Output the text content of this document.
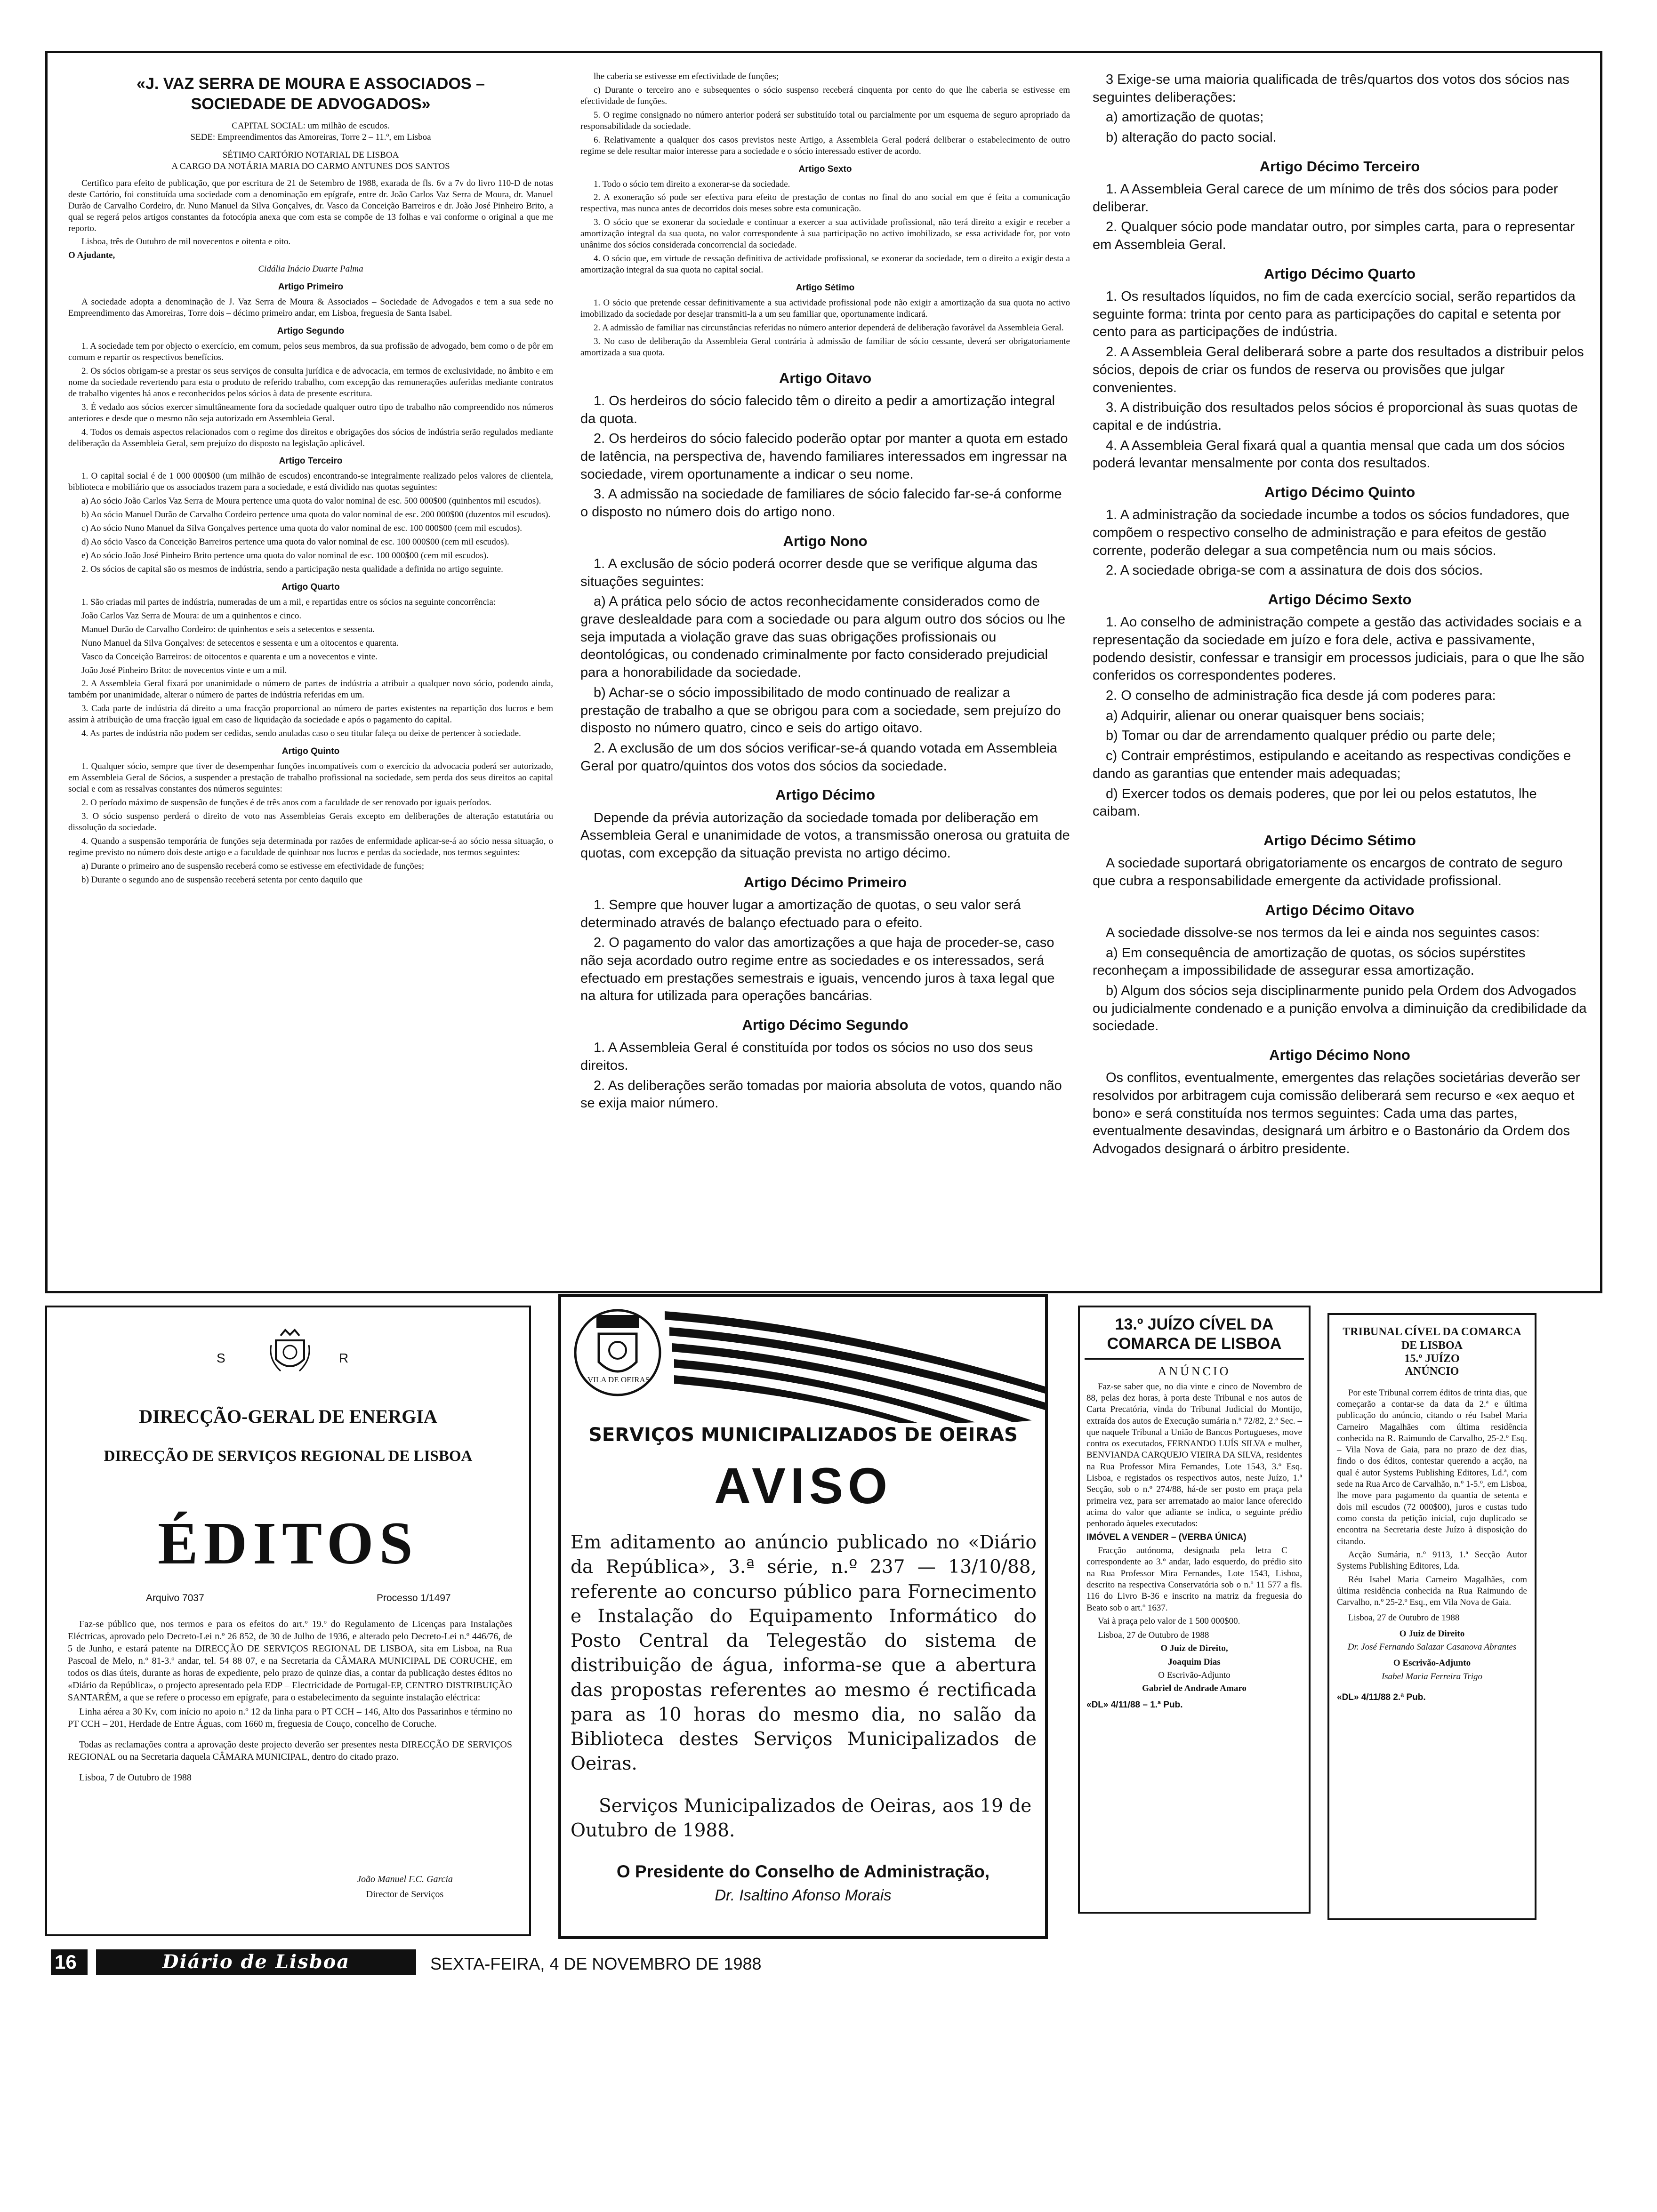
«J. VAZ SERRA DE MOURA E ASSOCIADOS – SOCIEDADE DE ADVOGADOS»
CAPITAL SOCIAL: um milhão de escudos.
SEDE: Empreendimentos das Amoreiras, Torre 2 – 11.º, em Lisboa
SÉTIMO CARTÓRIO NOTARIAL DE LISBOA
A CARGO DA NOTÁRIA MARIA DO CARMO ANTUNES DOS SANTOS

Certifico para efeito de publicação, que por escritura de 21 de Setembro de 1988, exarada de fls. 6v a 7v do livro 110-D de notas deste Cartório, foi constituída uma sociedade com a denominação em epígrafe, entre dr. João Carlos Vaz Serra de Moura, dr. Manuel Durão de Carvalho Cordeiro, dr. Nuno Manuel da Silva Gonçalves, dr. Vasco da Conceição Barreiros e dr. João José Pinheiro Brito, a qual se regerá pelos artigos constantes da fotocópia anexa que com esta se compõe de 13 folhas e vai conforme o original a que me reporto.

Lisboa, três de Outubro de mil novecentos e oitenta e oito.

O Ajudante,

Cidália Inácio Duarte Palma

Artigo Primeiro

A sociedade adopta a denominação de J. Vaz Serra de Moura & Associados – Sociedade de Advogados e tem a sua sede no Empreendimento das Amoreiras, Torre dois – décimo primeiro andar, em Lisboa, freguesia de Santa Isabel.

Artigo Segundo

1. A sociedade tem por objecto o exercício, em comum, pelos seus membros, da sua profissão de advogado, bem como o de pôr em comum e repartir os respectivos benefícios.

2. Os sócios obrigam-se a prestar os seus serviços de consulta jurídica e de advocacia, em termos de exclusividade, no âmbito e em nome da sociedade revertendo para esta o produto de referido trabalho, com excepção das remunerações auferidas mediante contratos de trabalho vigentes há anos e reconhecidos pelos sócios à data de presente escritura.

3. É vedado aos sócios exercer simultâneamente fora da sociedade qualquer outro tipo de trabalho não compreendido nos números anteriores e desde que o mesmo não seja autorizado em Assembleia Geral.

4. Todos os demais aspectos relacionados com o regime dos direitos e obrigações dos sócios de indústria serão regulados mediante deliberação da Assembleia Geral, sem prejuízo do disposto na legislação aplicável.

Artigo Terceiro

1. O capital social é de 1 000 000$00 (um milhão de escudos) encontrando-se integralmente realizado pelos valores de clientela, biblioteca e mobiliário que os associados trazem para a sociedade, e está dividido nas quotas seguintes:

a) Ao sócio João Carlos Vaz Serra de Moura pertence uma quota do valor nominal de esc. 500 000$00 (quinhentos mil escudos).

b) Ao sócio Manuel Durão de Carvalho Cordeiro pertence uma quota do valor nominal de esc. 200 000$00 (duzentos mil escudos).

c) Ao sócio Nuno Manuel da Silva Gonçalves pertence uma quota do valor nominal de esc. 100 000$00 (cem mil escudos).

d) Ao sócio Vasco da Conceição Barreiros pertence uma quota do valor nominal de esc. 100 000$00 (cem mil escudos).

e) Ao sócio João José Pinheiro Brito pertence uma quota do valor nominal de esc. 100 000$00 (cem mil escudos).

2. Os sócios de capital são os mesmos de indústria, sendo a participação nesta qualidade a definida no artigo seguinte.

Artigo Quarto

1. São criadas mil partes de indústria, numeradas de um a mil, e repartidas entre os sócios na seguinte concorrência:

João Carlos Vaz Serra de Moura: de um a quinhentos e cinco.

Manuel Durão de Carvalho Cordeiro: de quinhentos e seis a setecentos e sessenta.

Nuno Manuel da Silva Gonçalves: de setecentos e sessenta e um a oitocentos e quarenta.

Vasco da Conceição Barreiros: de oitocentos e quarenta e um a novecentos e vinte.

João José Pinheiro Brito: de novecentos vinte e um a mil.

2. A Assembleia Geral fixará por unanimidade o número de partes de indústria a atribuir a qualquer novo sócio, podendo ainda, também por unanimidade, alterar o número de partes de indústria referidas em um.

3. Cada parte de indústria dá direito a uma fracção proporcional ao número de partes existentes na repartição dos lucros e bem assim à atribuição de uma fracção igual em caso de liquidação da sociedade e após o pagamento do capital.

4. As partes de indústria não podem ser cedidas, sendo anuladas caso o seu titular faleça ou deixe de pertencer à sociedade.

Artigo Quinto

1. Qualquer sócio, sempre que tiver de desempenhar funções incompatíveis com o exercício da advocacia poderá ser autorizado, em Assembleia Geral de Sócios, a suspender a prestação de trabalho profissional na sociedade, sem perda dos seus direitos ao capital social e com as ressalvas constantes dos números seguintes:

2. O período máximo de suspensão de funções é de três anos com a faculdade de ser renovado por iguais períodos.

3. O sócio suspenso perderá o direito de voto nas Assembleias Gerais excepto em deliberações de alteração estatutária ou dissolução da sociedade.

4. Quando a suspensão temporária de funções seja determinada por razões de enfermidade aplicar-se-á ao sócio nessa situação, o regime previsto no número dois deste artigo e a faculdade de quinhoar nos lucros e perdas da sociedade, nos termos seguintes:

a) Durante o primeiro ano de suspensão receberá como se estivesse em efectividade de funções;

b) Durante o segundo ano de suspensão receberá setenta por cento daquilo que

lhe caberia se estivesse em efectividade de funções;

c) Durante o terceiro ano e subsequentes o sócio suspenso receberá cinquenta por cento do que lhe caberia se estivesse em efectividade de funções.

5. O regime consignado no número anterior poderá ser substituído total ou parcialmente por um esquema de seguro apropriado da responsabilidade da sociedade.

6. Relativamente a qualquer dos casos previstos neste Artigo, a Assembleia Geral poderá deliberar o estabelecimento de outro regime se dele resultar maior interesse para a sociedade e o sócio interessado estiver de acordo.

Artigo Sexto

1. Todo o sócio tem direito a exonerar-se da sociedade.

2. A exoneração só pode ser efectiva para efeito de prestação de contas no final do ano social em que é feita a comunicação respectiva, mas nunca antes de decorridos dois meses sobre esta comunicação.

3. O sócio que se exonerar da sociedade e continuar a exercer a sua actividade profissional, não terá direito a exigir e receber a amortização integral da sua quota, no valor correspondente à sua participação no activo imobilizado, se essa actividade for, por voto unânime dos sócios considerada concorrencial da sociedade.

4. O sócio que, em virtude de cessação definitiva de actividade profissional, se exonerar da sociedade, tem o direito a exigir desta a amortização integral da sua quota no capital social.

Artigo Sétimo

1. O sócio que pretende cessar definitivamente a sua actividade profissional pode não exigir a amortização da sua quota no activo imobilizado da sociedade por desejar transmiti-la a um seu familiar que, oportunamente indicará.

2. A admissão de familiar nas circunstâncias referidas no número anterior dependerá de deliberação favorável da Assembleia Geral.

3. No caso de deliberação da Assembleia Geral contrária à admissão de familiar de sócio cessante, deverá ser obrigatoriamente amortizada a sua quota.

Artigo Oitavo

1. Os herdeiros do sócio falecido têm o direito a pedir a amortização integral da quota.

2. Os herdeiros do sócio falecido poderão optar por manter a quota em estado de latência, na perspectiva de, havendo familiares interessados em ingressar na sociedade, virem oportunamente a indicar o seu nome.

3. A admissão na sociedade de familiares de sócio falecido far-se-á conforme o disposto no número dois do artigo nono.

Artigo Nono

1. A exclusão de sócio poderá ocorrer desde que se verifique alguma das situações seguintes:

a) A prática pelo sócio de actos reconhecidamente considerados como de grave deslealdade para com a sociedade ou para algum outro dos sócios ou lhe seja imputada a violação grave das suas obrigações profissionais ou deontológicas, ou condenado criminalmente por facto considerado prejudicial para a honorabilidade da sociedade.

b) Achar-se o sócio impossibilitado de modo continuado de realizar a prestação de trabalho a que se obrigou para com a sociedade, sem prejuízo do disposto no número quatro, cinco e seis do artigo oitavo.

2. A exclusão de um dos sócios verificar-se-á quando votada em Assembleia Geral por quatro/quintos dos votos dos sócios da sociedade.

Artigo Décimo

Depende da prévia autorização da sociedade tomada por deliberação em Assembleia Geral e unanimidade de votos, a transmissão onerosa ou gratuita de quotas, com excepção da situação prevista no artigo décimo.

Artigo Décimo Primeiro

1. Sempre que houver lugar a amortização de quotas, o seu valor será determinado através de balanço efectuado para o efeito.

2. O pagamento do valor das amortizações a que haja de proceder-se, caso não seja acordado outro regime entre as sociedades e os interessados, será efectuado em prestações semestrais e iguais, vencendo juros à taxa legal que na altura for utilizada para operações bancárias.

Artigo Décimo Segundo

1. A Assembleia Geral é constituída por todos os sócios no uso dos seus direitos.

2. As deliberações serão tomadas por maioria absoluta de votos, quando não se exija maior número.

3 Exige-se uma maioria qualificada de três/quartos dos votos dos sócios nas seguintes deliberações:

a) amortização de quotas;

b) alteração do pacto social.

Artigo Décimo Terceiro

1. A Assembleia Geral carece de um mínimo de três dos sócios para poder deliberar.

2. Qualquer sócio pode mandatar outro, por simples carta, para o representar em Assembleia Geral.

Artigo Décimo Quarto

1. Os resultados líquidos, no fim de cada exercício social, serão repartidos da seguinte forma: trinta por cento para as participações do capital e setenta por cento para as participações de indústria.

2. A Assembleia Geral deliberará sobre a parte dos resultados a distribuir pelos sócios, depois de criar os fundos de reserva ou provisões que julgar convenientes.

3. A distribuição dos resultados pelos sócios é proporcional às suas quotas de capital e de indústria.

4. A Assembleia Geral fixará qual a quantia mensal que cada um dos sócios poderá levantar mensalmente por conta dos resultados.

Artigo Décimo Quinto

1. A administração da sociedade incumbe a todos os sócios fundadores, que compõem o respectivo conselho de administração e para efeitos de gestão corrente, poderão delegar a sua competência num ou mais sócios.

2. A sociedade obriga-se com a assinatura de dois dos sócios.

Artigo Décimo Sexto

1. Ao conselho de administração compete a gestão das actividades sociais e a representação da sociedade em juízo e fora dele, activa e passivamente, podendo desistir, confessar e transigir em processos judiciais, para o que lhe são conferidos os correspondentes poderes.

2. O conselho de administração fica desde já com poderes para:

a) Adquirir, alienar ou onerar quaisquer bens sociais;

b) Tomar ou dar de arrendamento qualquer prédio ou parte dele;

c) Contrair empréstimos, estipulando e aceitando as respectivas condições e dando as garantias que entender mais adequadas;

d) Exercer todos os demais poderes, que por lei ou pelos estatutos, lhe caibam.

Artigo Décimo Sétimo

A sociedade suportará obrigatoriamente os encargos de contrato de seguro que cubra a responsabilidade emergente da actividade profissional.

Artigo Décimo Oitavo

A sociedade dissolve-se nos termos da lei e ainda nos seguintes casos:

a) Em consequência de amortização de quotas, os sócios supérstites reconheçam a impossibilidade de assegurar essa amortização.

b) Algum dos sócios seja disciplinarmente punido pela Ordem dos Advogados ou judicialmente condenado e a punição envolva a diminuição da credibilidade da sociedade.

Artigo Décimo Nono

Os conflitos, eventualmente, emergentes das relações societárias deverão ser resolvidos por arbitragem cuja comissão deliberará sem recurso e «ex aequo et bono» e será constituída nos termos seguintes: Cada uma das partes, eventualmente desavindas, designará um árbitro e o Bastonário da Ordem dos Advogados designará o árbitro presidente.

S	R
DIRECÇÃO-GERAL DE ENERGIA
DIRECÇÃO DE SERVIÇOS REGIONAL DE LISBOA
ÉDITOS
Arquivo 7037	Processo 1/1497

Faz-se público que, nos termos e para os efeitos do art.º 19.º do Regulamento de Licenças para Instalações Eléctricas, aprovado pelo Decreto-Lei n.º 26 852, de 30 de Julho de 1936, e alterado pelo Decreto-Lei n.º 446/76, de 5 de Junho, e estará patente na DIRECÇÃO DE SERVIÇOS REGIONAL DE LISBOA, sita em Lisboa, na Rua Pascoal de Melo, n.º 81-3.º andar, tel. 54 88 07, e na Secretaria da CÂMARA MUNICIPAL DE CORUCHE, em todos os dias úteis, durante as horas de expediente, pelo prazo de quinze dias, a contar da publicação destes éditos no «Diário da República», o projecto apresentado pela EDP – Electricidade de Portugal-EP, CENTRO DISTRIBUIÇÃO SANTARÉM, a que se refere o processo em epígrafe, para o estabelecimento da seguinte instalação eléctrica:

Linha aérea a 30 Kv, com início no apoio n.º 12 da linha para o PT CCH – 146, Alto dos Passarinhos e término no PT CCH – 201, Herdade de Entre Águas, com 1660 m, freguesia de Couço, concelho de Coruche.

Todas as reclamações contra a aprovação deste projecto deverão ser presentes nesta DIRECÇÃO DE SERVIÇOS REGIONAL ou na Secretaria daquela CÂMARA MUNICIPAL, dentro do citado prazo.

Lisboa, 7 de Outubro de 1988

João Manuel F.C. Garcia
Director de Serviços
VILA DE OEIRAS
SERVIÇOS MUNICIPALIZADOS DE OEIRAS
AVISO
Em aditamento ao anúncio publicado no «Diário da República», 3.ª série, n.º 237 — 13/10/88, referente ao concurso público para Fornecimento e Instalação do Equipamento Informático do Posto Central da Telegestão do sistema de distribuição de água, informa-se que a abertura das propostas referentes ao mesmo é rectificada para as 10 horas do mesmo dia, no salão da Biblioteca destes Serviços Municipalizados de Oeiras.
Serviços Municipalizados de Oeiras, aos 19 de Outubro de 1988.
O Presidente do Conselho de Administração,
Dr. Isaltino Afonso Morais
13.º JUÍZO CÍVEL DA COMARCA DE LISBOA
ANÚNCIO

Faz-se saber que, no dia vinte e cinco de Novembro de 88, pelas dez horas, à porta deste Tribunal e nos autos de Carta Precatória, vinda do Tribunal Judicial do Montijo, extraída dos autos de Execução sumária n.º 72/82, 2.ª Sec. – que naquele Tribunal a União de Bancos Portugueses, move contra os executados, FERNANDO LUÍS SILVA e mulher, BENVIANDA CARQUEJO VIEIRA DA SILVA, residentes na Rua Professor Mira Fernandes, Lote 1543, 3.º Esq. Lisboa, e registados os respectivos autos, neste Juízo, 1.ª Secção, sob o n.º 274/88, há-de ser posto em praça pela primeira vez, para ser arrematado ao maior lance oferecido acima do valor que adiante se indica, o seguinte prédio penhorado àqueles executados:

IMÓVEL A VENDER – (VERBA ÚNICA)

Fracção autónoma, designada pela letra C – correspondente ao 3.º andar, lado esquerdo, do prédio sito na Rua Professor Mira Fernandes, Lote 1543, Lisboa, descrito na respectiva Conservatória sob o n.º 11 577 a fls. 116 do Livro B-36 e inscrito na matriz da freguesia do Beato sob o art.º 1637.

Vai à praça pelo valor de 1 500 000$00.

Lisboa, 27 de Outubro de 1988

O Juiz de Direito,

Joaquim Dias

O Escrivão-Adjunto

Gabriel de Andrade Amaro

«DL» 4/11/88 – 1.ª Pub.

TRIBUNAL CÍVEL DA COMARCA DE LISBOA
15.º JUÍZO
ANÚNCIO

Por este Tribunal correm éditos de trinta dias, que começarão a contar-se da data da 2.ª e última publicação do anúncio, citando o réu Isabel Maria Carneiro Magalhães com última residência conhecida na R. Raimundo de Carvalho, 25-2.º Esq. – Vila Nova de Gaia, para no prazo de dez dias, findo o dos éditos, contestar querendo a acção, na qual é autor Systems Publishing Editores, Ld.ª, com sede na Rua Arco de Carvalhão, n.º 1-5.º, em Lisboa, lhe move para pagamento da quantia de setenta e dois mil escudos (72 000$00), juros e custas tudo como consta da petição inicial, cujo duplicado se encontra na Secretaria deste Juízo à disposição do citando.

Acção Sumária, n.º 9113, 1.ª Secção Autor Systems Publishing Editores, Lda.

Réu Isabel Maria Carneiro Magalhães, com última residência conhecida na Rua Raimundo de Carvalho, n.º 25-2.º Esq., em Vila Nova de Gaia.

Lisboa, 27 de Outubro de 1988

O Juiz de Direito

Dr. José Fernando Salazar Casanova Abrantes

O Escrivão-Adjunto

Isabel Maria Ferreira Trigo

«DL» 4/11/88 2.ª Pub.

16	Diário de Lisboa	SEXTA-FEIRA, 4 DE NOVEMBRO DE 1988
